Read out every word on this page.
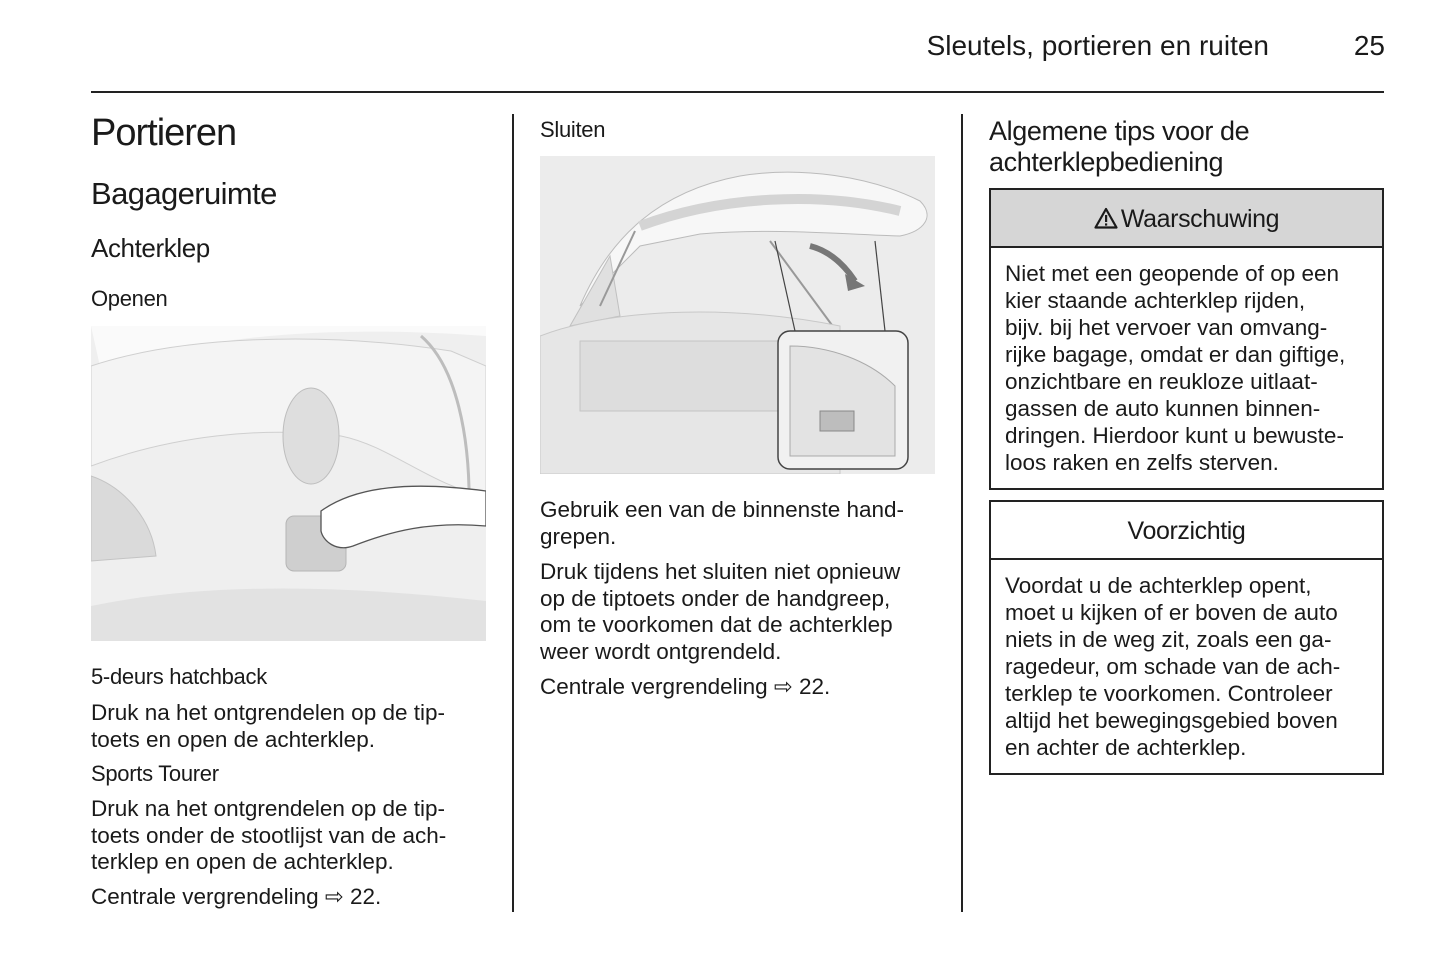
Sleutels, portieren en ruiten	25
Portieren
Bagageruimte
Achterklep
Openen
5-deurs hatchback
Druk na het ontgrendelen op de tip-
toets en open de achterklep.
Sports Tourer
Druk na het ontgrendelen op de tip-
toets onder de stootlijst van de ach-
terklep en open de achterklep.
Centrale vergrendeling ⇨ 22.
Sluiten
Gebruik een van de binnenste hand-
grepen.
Druk tijdens het sluiten niet opnieuw
op de tiptoets onder de handgreep,
om te voorkomen dat de achterklep
weer wordt ontgrendeld.
Centrale vergrendeling ⇨ 22.
Algemene tips voor de
achterklepbediening
Waarschuwing
Niet met een geopende of op een
kier staande achterklep rijden,
bijv. bij het vervoer van omvang-
rijke bagage, omdat er dan giftige,
onzichtbare en reukloze uitlaat-
gassen de auto kunnen binnen-
dringen. Hierdoor kunt u bewuste-
loos raken en zelfs sterven.
Voorzichtig
Voordat u de achterklep opent,
moet u kijken of er boven de auto
niets in de weg zit, zoals een ga-
ragedeur, om schade van de ach-
terklep te voorkomen. Controleer
altijd het bewegingsgebied boven
en achter de achterklep.
